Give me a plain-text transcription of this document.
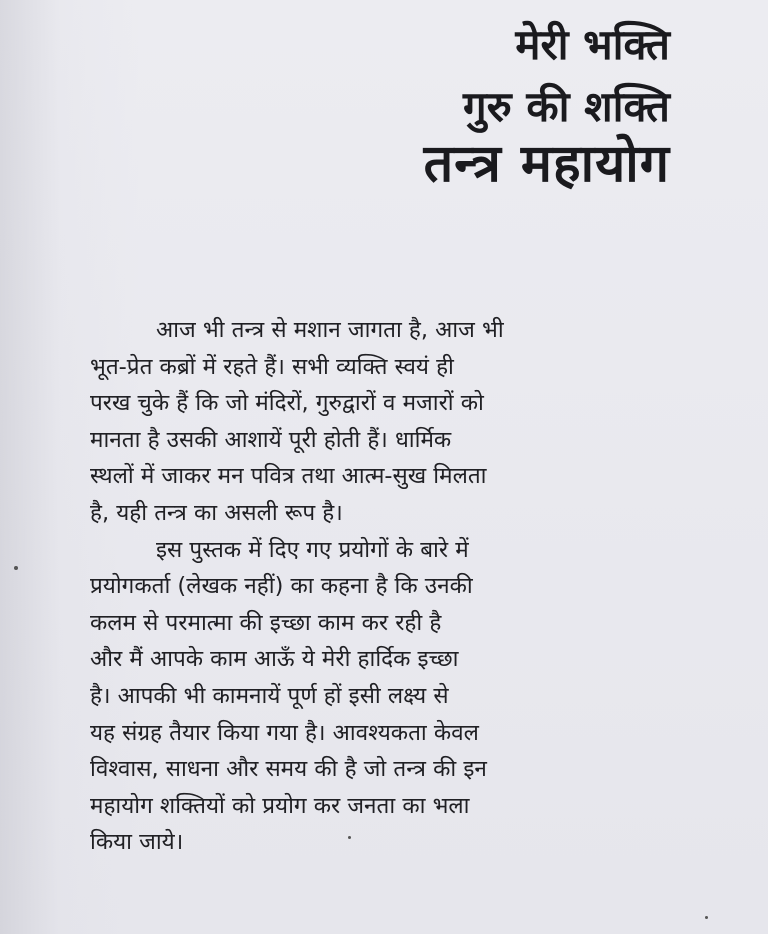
मेरी भक्ति
गुरु की शक्ति
तन्त्र महायोग

आज भी तन्त्र से मशान जागता है, आज भी
भूत-प्रेत कब्रों में रहते हैं। सभी व्यक्ति स्वयं ही
परख चुके हैं कि जो मंदिरों, गुरुद्वारों व मजारों को
मानता है उसकी आशायें पूरी होती हैं। धार्मिक
स्थलों में जाकर मन पवित्र तथा आत्म-सुख मिलता
है, यही तन्त्र का असली रूप है।

इस पुस्तक में दिए गए प्रयोगों के बारे में
प्रयोगकर्ता (लेखक नहीं) का कहना है कि उनकी
कलम से परमात्मा की इच्छा काम कर रही है
और मैं आपके काम आऊँ ये मेरी हार्दिक इच्छा
है। आपकी भी कामनायें पूर्ण हों इसी लक्ष्य से
यह संग्रह तैयार किया गया है। आवश्यकता केवल
विश्वास, साधना और समय की है जो तन्त्र की इन
महायोग शक्तियों को प्रयोग कर जनता का भला
किया जाये।
